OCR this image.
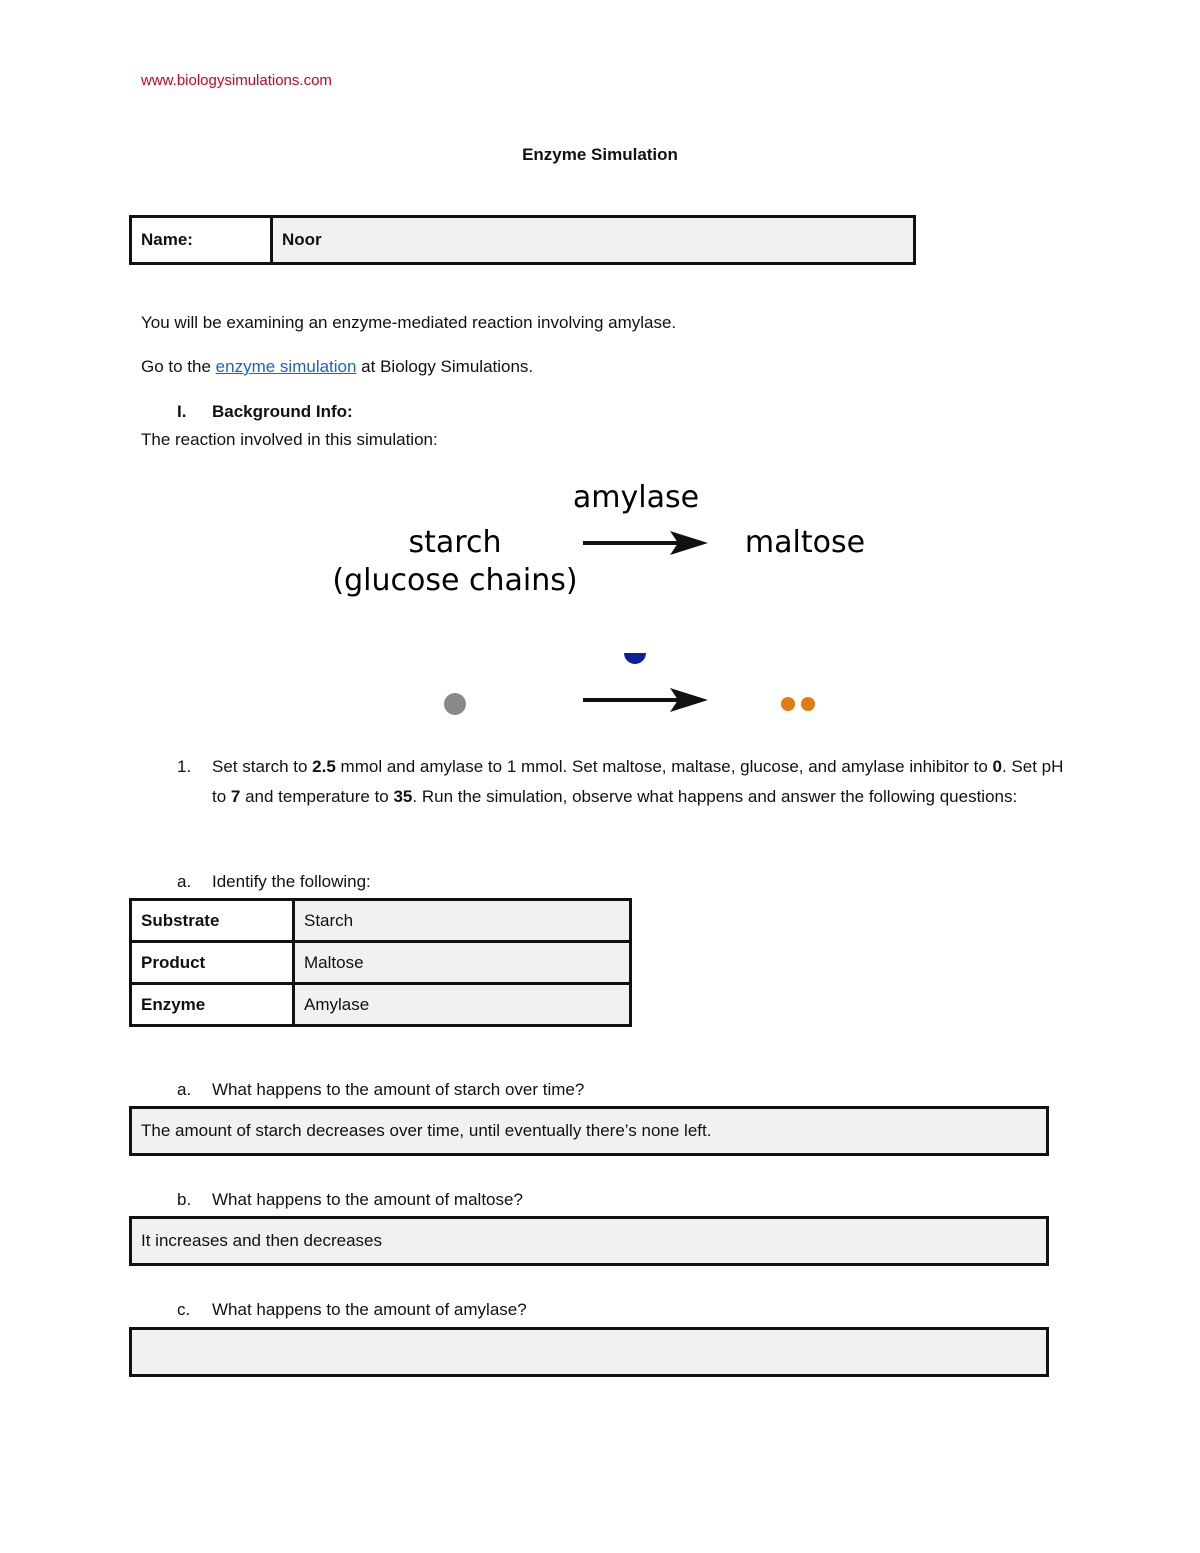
www.biologysimulations.com
Enzyme Simulation
Name:	Noor
You will be examining an enzyme-mediated reaction involving amylase.
Go to the enzyme simulation at Biology Simulations.
I. Background Info:
The reaction involved in this simulation:
amylase
starch
(glucose chains)
maltose
1. Set starch to 2.5 mmol and amylase to 1 mmol. Set maltose, maltase, glucose, and amylase inhibitor to 0. Set pH to 7 and temperature to 35. Run the simulation, observe what happens and answer the following questions:
a. Identify the following:
Substrate	Starch
Product	Maltose
Enzyme	Amylase
a. What happens to the amount of starch over time?
The amount of starch decreases over time, until eventually there’s none left.
b. What happens to the amount of maltose?
It increases and then decreases
c. What happens to the amount of amylase?
